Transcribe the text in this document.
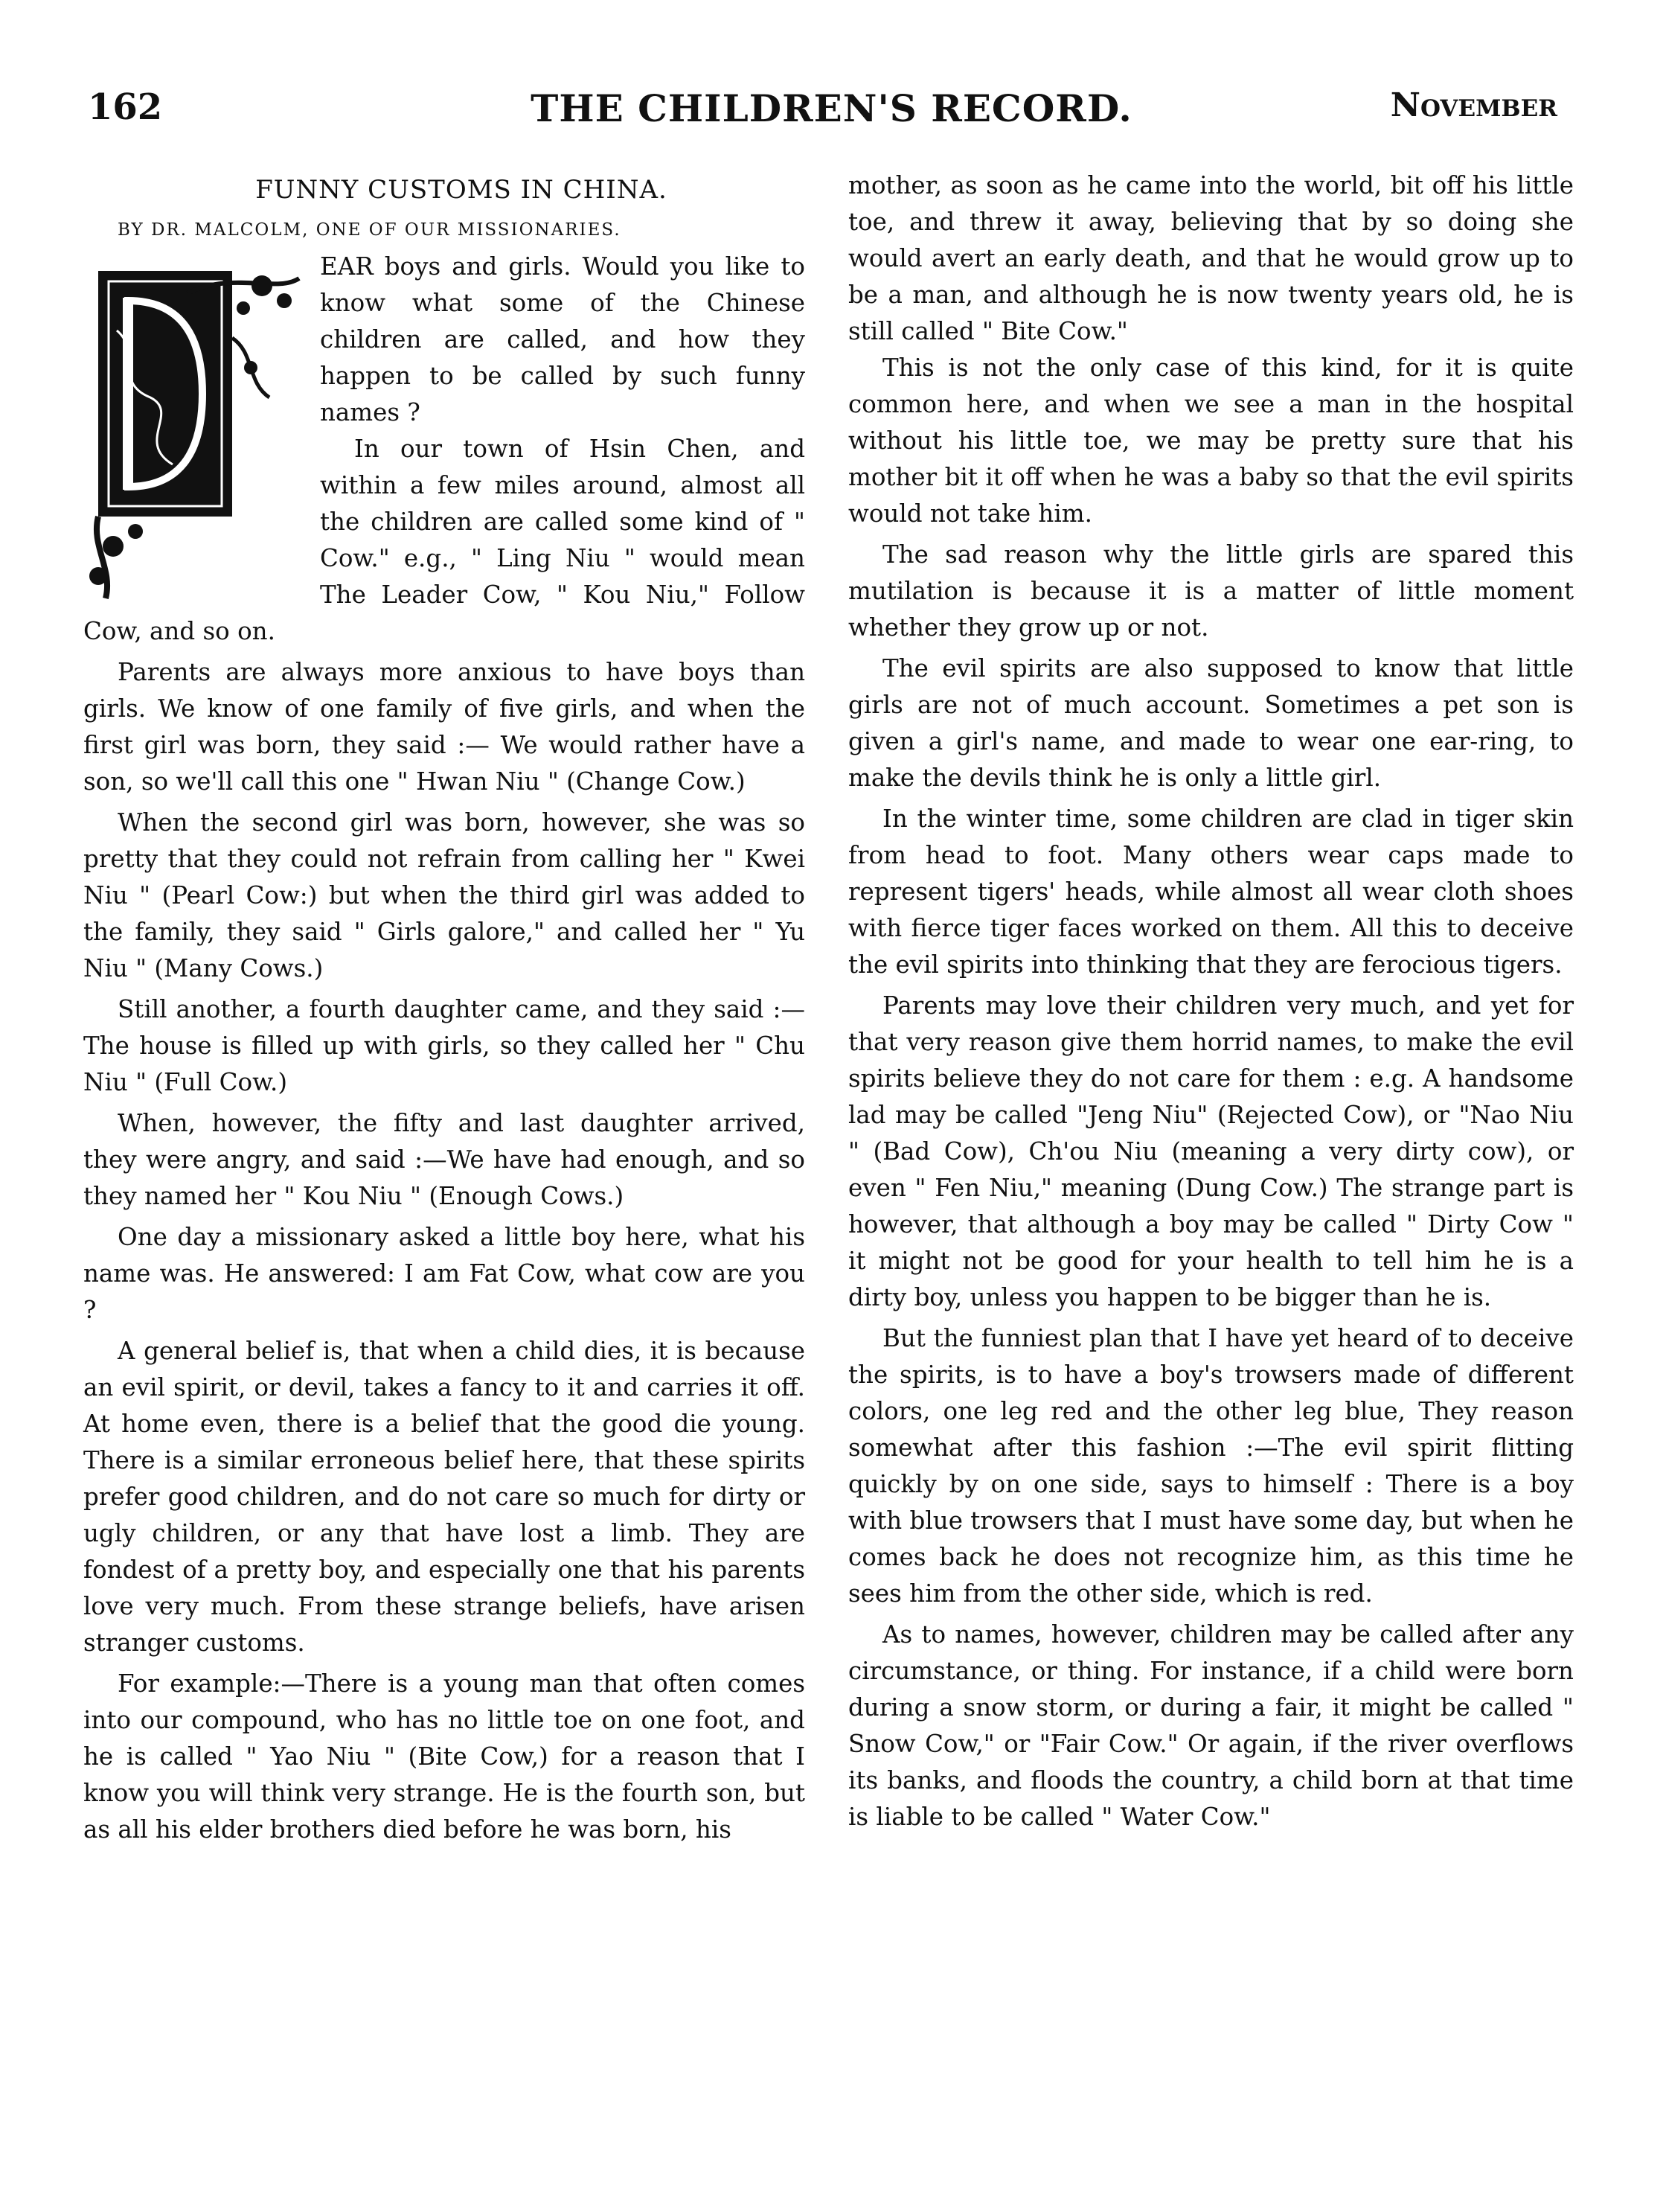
162	THE CHILDREN'S RECORD.	November

FUNNY CUSTOMS IN CHINA.

BY DR. MALCOLM, ONE OF OUR MISSIONARIES.

EAR boys and girls. Would you like to know what some of the Chinese children are called, and how they happen to be called by such funny names ?

In our town of Hsin Chen, and within a few miles around, almost all the children are called some kind of " Cow." e.g., " Ling Niu " would mean The Leader Cow, " Kou Niu," Follow Cow, and so on.

Parents are always more anxious to have boys than girls. We know of one family of five girls, and when the first girl was born, they said :— We would rather have a son, so we'll call this one " Hwan Niu " (Change Cow.)

When the second girl was born, however, she was so pretty that they could not refrain from calling her " Kwei Niu " (Pearl Cow:) but when the third girl was added to the family, they said " Girls galore," and called her " Yu Niu " (Many Cows.)

Still another, a fourth daughter came, and they said :—The house is filled up with girls, so they called her " Chu Niu " (Full Cow.)

When, however, the fifty and last daughter arrived, they were angry, and said :—We have had enough, and so they named her " Kou Niu " (Enough Cows.)

One day a missionary asked a little boy here, what his name was. He answered: I am Fat Cow, what cow are you ?

A general belief is, that when a child dies, it is because an evil spirit, or devil, takes a fancy to it and carries it off. At home even, there is a belief that the good die young. There is a similar erroneous belief here, that these spirits prefer good children, and do not care so much for dirty or ugly children, or any that have lost a limb. They are fondest of a pretty boy, and especially one that his parents love very much. From these strange beliefs, have arisen stranger customs.

For example:—There is a young man that often comes into our compound, who has no little toe on one foot, and he is called " Yao Niu " (Bite Cow,) for a reason that I know you will think very strange. He is the fourth son, but as all his elder brothers died before he was born, his

mother, as soon as he came into the world, bit off his little toe, and threw it away, believing that by so doing she would avert an early death, and that he would grow up to be a man, and although he is now twenty years old, he is still called " Bite Cow."

This is not the only case of this kind, for it is quite common here, and when we see a man in the hospital without his little toe, we may be pretty sure that his mother bit it off when he was a baby so that the evil spirits would not take him.

The sad reason why the little girls are spared this mutilation is because it is a matter of little moment whether they grow up or not.

The evil spirits are also supposed to know that little girls are not of much account. Sometimes a pet son is given a girl's name, and made to wear one ear-ring, to make the devils think he is only a little girl.

In the winter time, some children are clad in tiger skin from head to foot. Many others wear caps made to represent tigers' heads, while almost all wear cloth shoes with fierce tiger faces worked on them. All this to deceive the evil spirits into thinking that they are ferocious tigers.

Parents may love their children very much, and yet for that very reason give them horrid names, to make the evil spirits believe they do not care for them : e.g. A handsome lad may be called "Jeng Niu" (Rejected Cow), or "Nao Niu " (Bad Cow), Ch'ou Niu (meaning a very dirty cow), or even " Fen Niu," meaning (Dung Cow.) The strange part is however, that although a boy may be called " Dirty Cow " it might not be good for your health to tell him he is a dirty boy, unless you happen to be bigger than he is.

But the funniest plan that I have yet heard of to deceive the spirits, is to have a boy's trowsers made of different colors, one leg red and the other leg blue, They reason somewhat after this fashion :—The evil spirit flitting quickly by on one side, says to himself : There is a boy with blue trowsers that I must have some day, but when he comes back he does not recognize him, as this time he sees him from the other side, which is red.

As to names, however, children may be called after any circumstance, or thing. For instance, if a child were born during a snow storm, or during a fair, it might be called " Snow Cow," or "Fair Cow." Or again, if the river overflows its banks, and floods the country, a child born at that time is liable to be called " Water Cow."
